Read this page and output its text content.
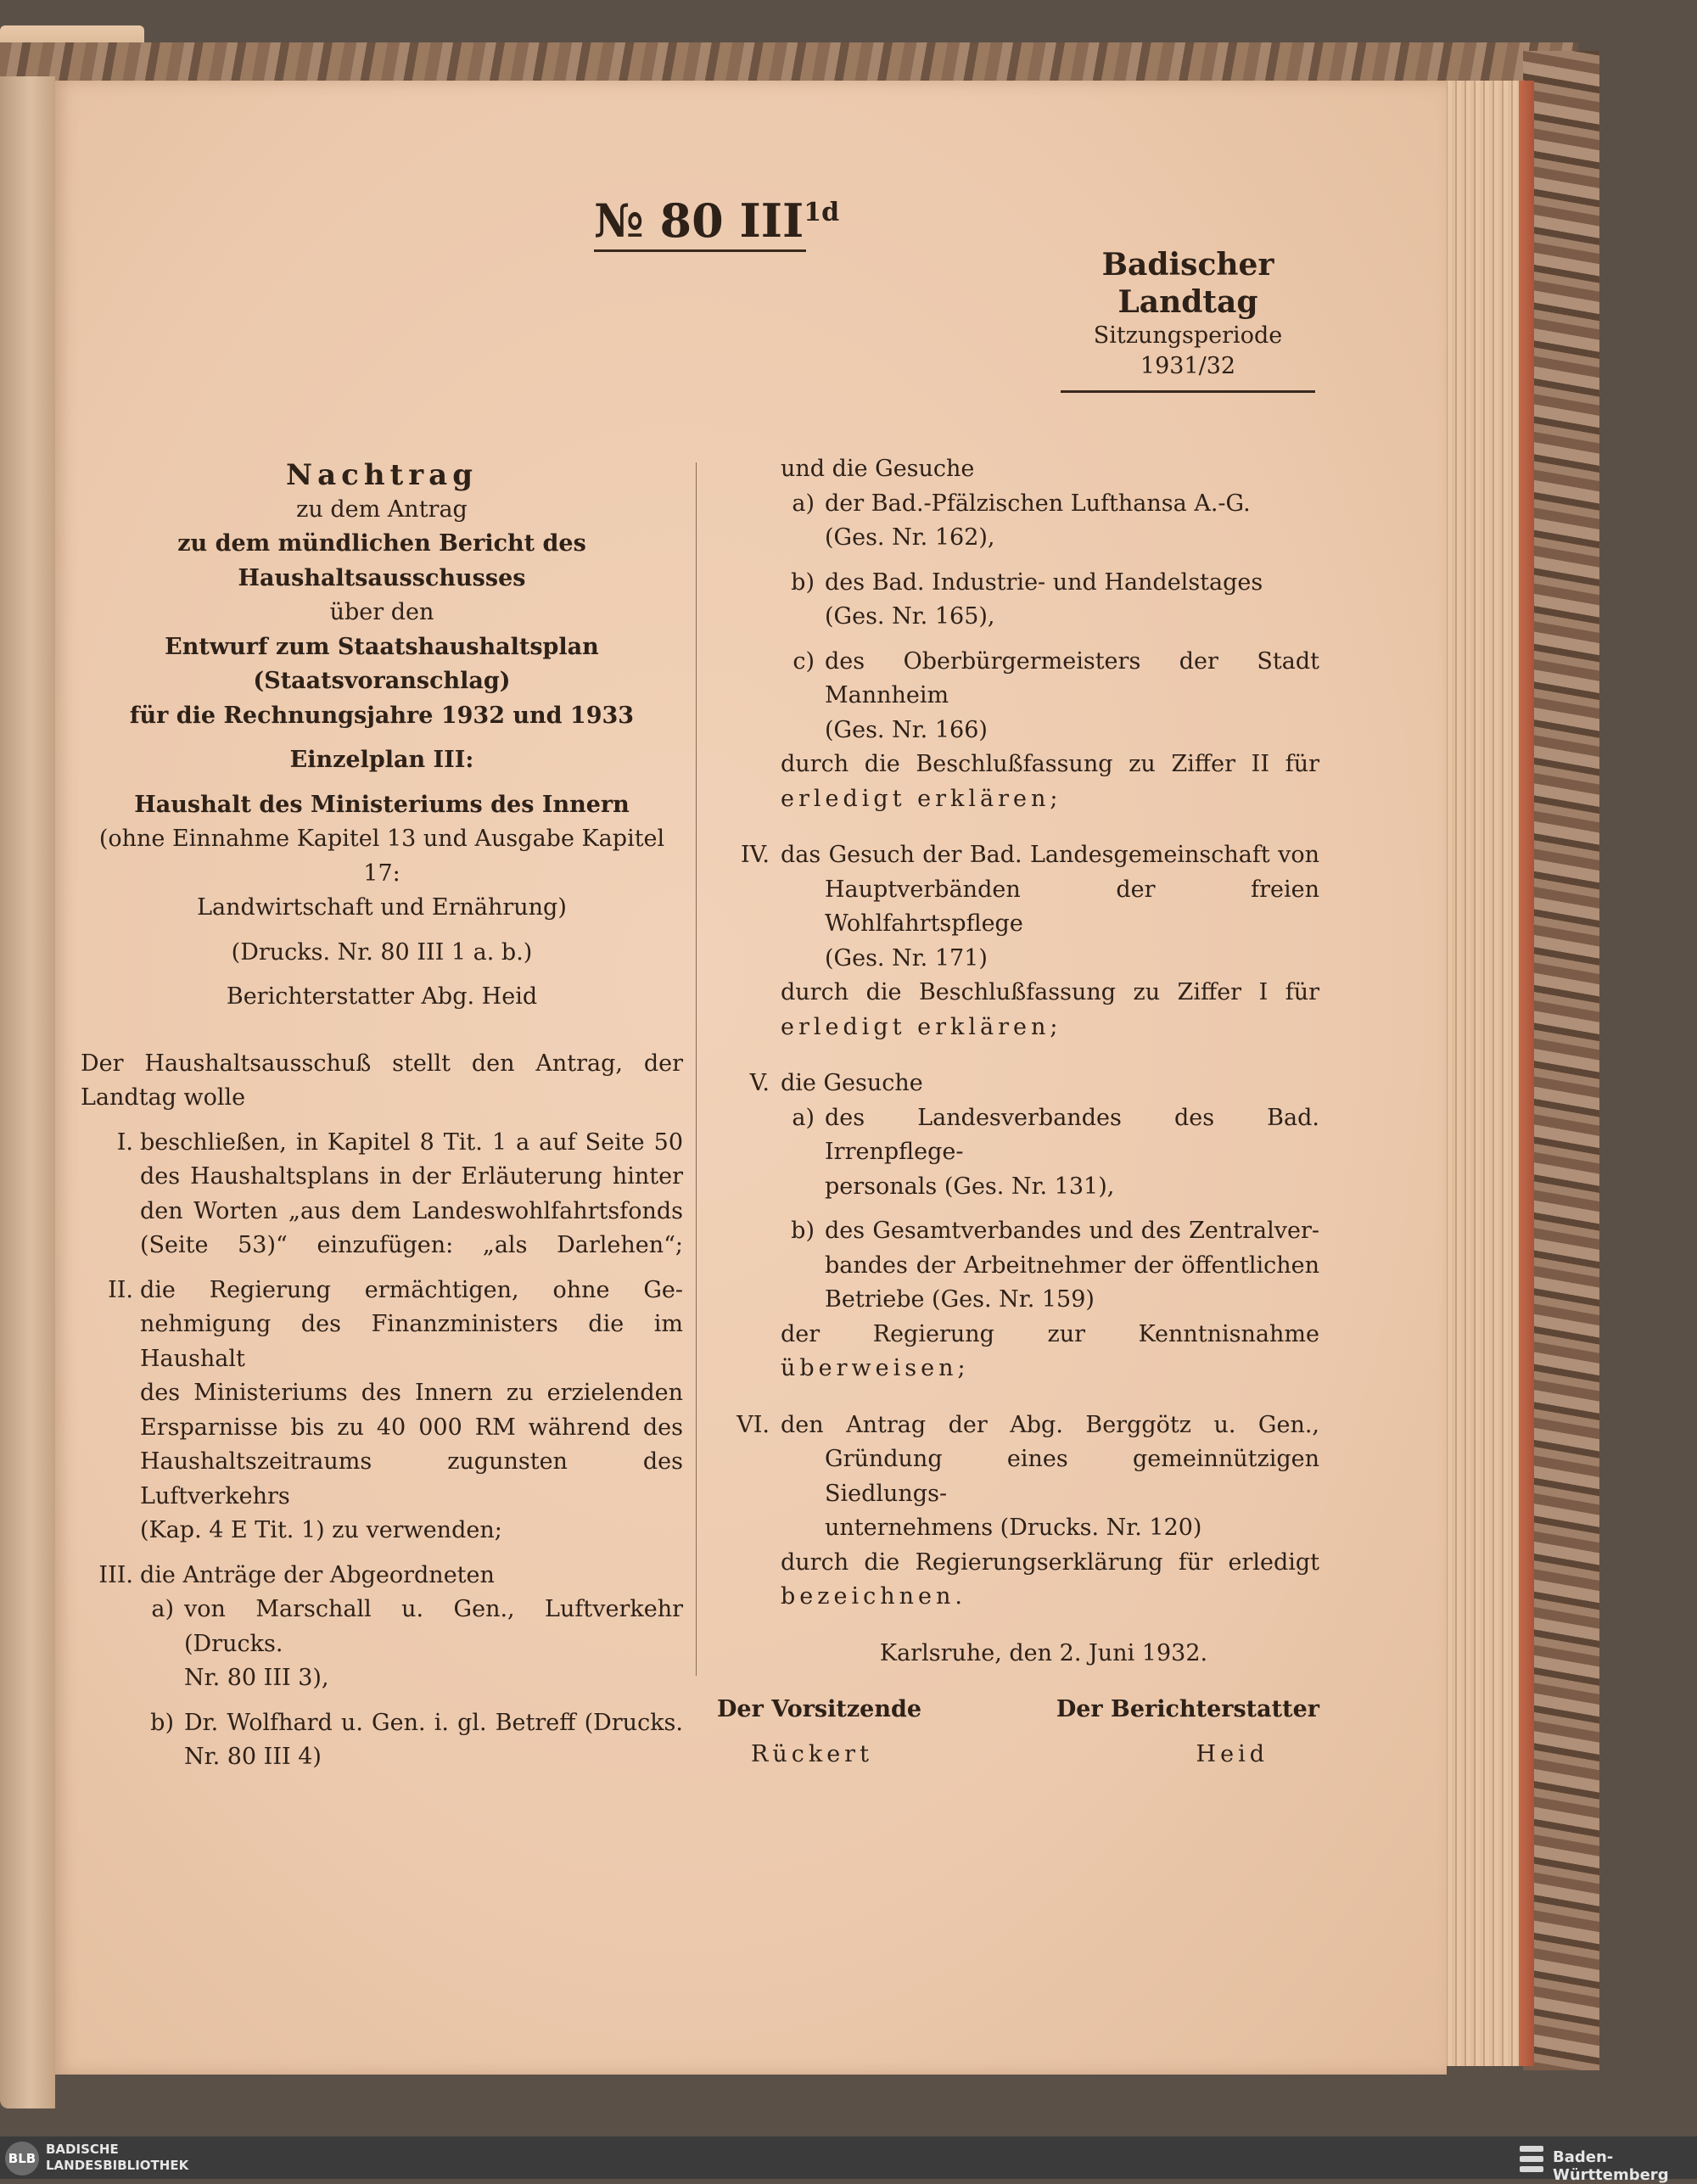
№ 80 $III^{1d}$
Badischer Landtag
Sitzungsperiode
1931/32
Nachtrag
zu dem Antrag
zu dem mündlichen Bericht des Haushaltsausschusses
über den
Entwurf zum Staatshaushaltsplan (Staatsvoranschlag)
für die Rechnungsjahre 1932 und 1933
Einzelplan III:
Haushalt des Ministeriums des Innern
(ohne Einnahme Kapitel 13 und Ausgabe Kapitel 17:
Landwirtschaft und Ernährung)
(Drucks. Nr. 80 III 1 a. b.)
Berichterstatter Abg. Heid
Der Haushaltsausschuß stellt den Antrag, der
Landtag wolle
I. beschließen, in Kapitel 8 Tit. 1 a auf Seite 50
des Haushaltsplans in der Erläuterung hinter
den Worten „aus dem Landeswohlfahrtsfonds
(Seite 53)“ einzufügen: „als Darlehen“;
II. die Regierung ermächtigen, ohne Ge-
nehmigung des Finanzministers die im Haushalt
des Ministeriums des Innern zu erzielenden
Ersparnisse bis zu 40 000 RM während des
Haushaltszeitraums zugunsten des Luftverkehrs
(Kap. 4 E Tit. 1) zu verwenden;
III. die Anträge der Abgeordneten
a) von Marschall u. Gen., Luftverkehr (Drucks.
Nr. 80 III 3),
b) Dr. Wolfhard u. Gen. i. gl. Betreff (Drucks.
Nr. 80 III 4)
und die Gesuche
a) der Bad.-Pfälzischen Lufthansa A.-G.
(Ges. Nr. 162),
b) des Bad. Industrie- und Handelstages
(Ges. Nr. 165),
c) des Oberbürgermeisters der Stadt Mannheim
(Ges. Nr. 166)
durch die Beschlußfassung zu Ziffer II für
erledigt erklären;
IV. das Gesuch der Bad. Landesgemeinschaft von
Hauptverbänden der freien Wohlfahrtspflege
(Ges. Nr. 171)
durch die Beschlußfassung zu Ziffer I für
erledigt erklären;
V. die Gesuche
a) des Landesverbandes des Bad. Irrenpflege-
personals (Ges. Nr. 131),
b) des Gesamtverbandes und des Zentralver-
bandes der Arbeitnehmer der öffentlichen
Betriebe (Ges. Nr. 159)
der Regierung zur Kenntnisnahme
überweisen;
VI. den Antrag der Abg. Berggötz u. Gen.,
Gründung eines gemeinnützigen Siedlungs-
unternehmens (Drucks. Nr. 120)
durch die Regierungserklärung für erledigt
bezeichnen.
Karlsruhe, den 2. Juni 1932.
Der Vorsitzende	Der Berichterstatter
Rückert	Heid
BLB
BADISCHE
LANDESBIBLIOTHEK	Baden-Württemberg
